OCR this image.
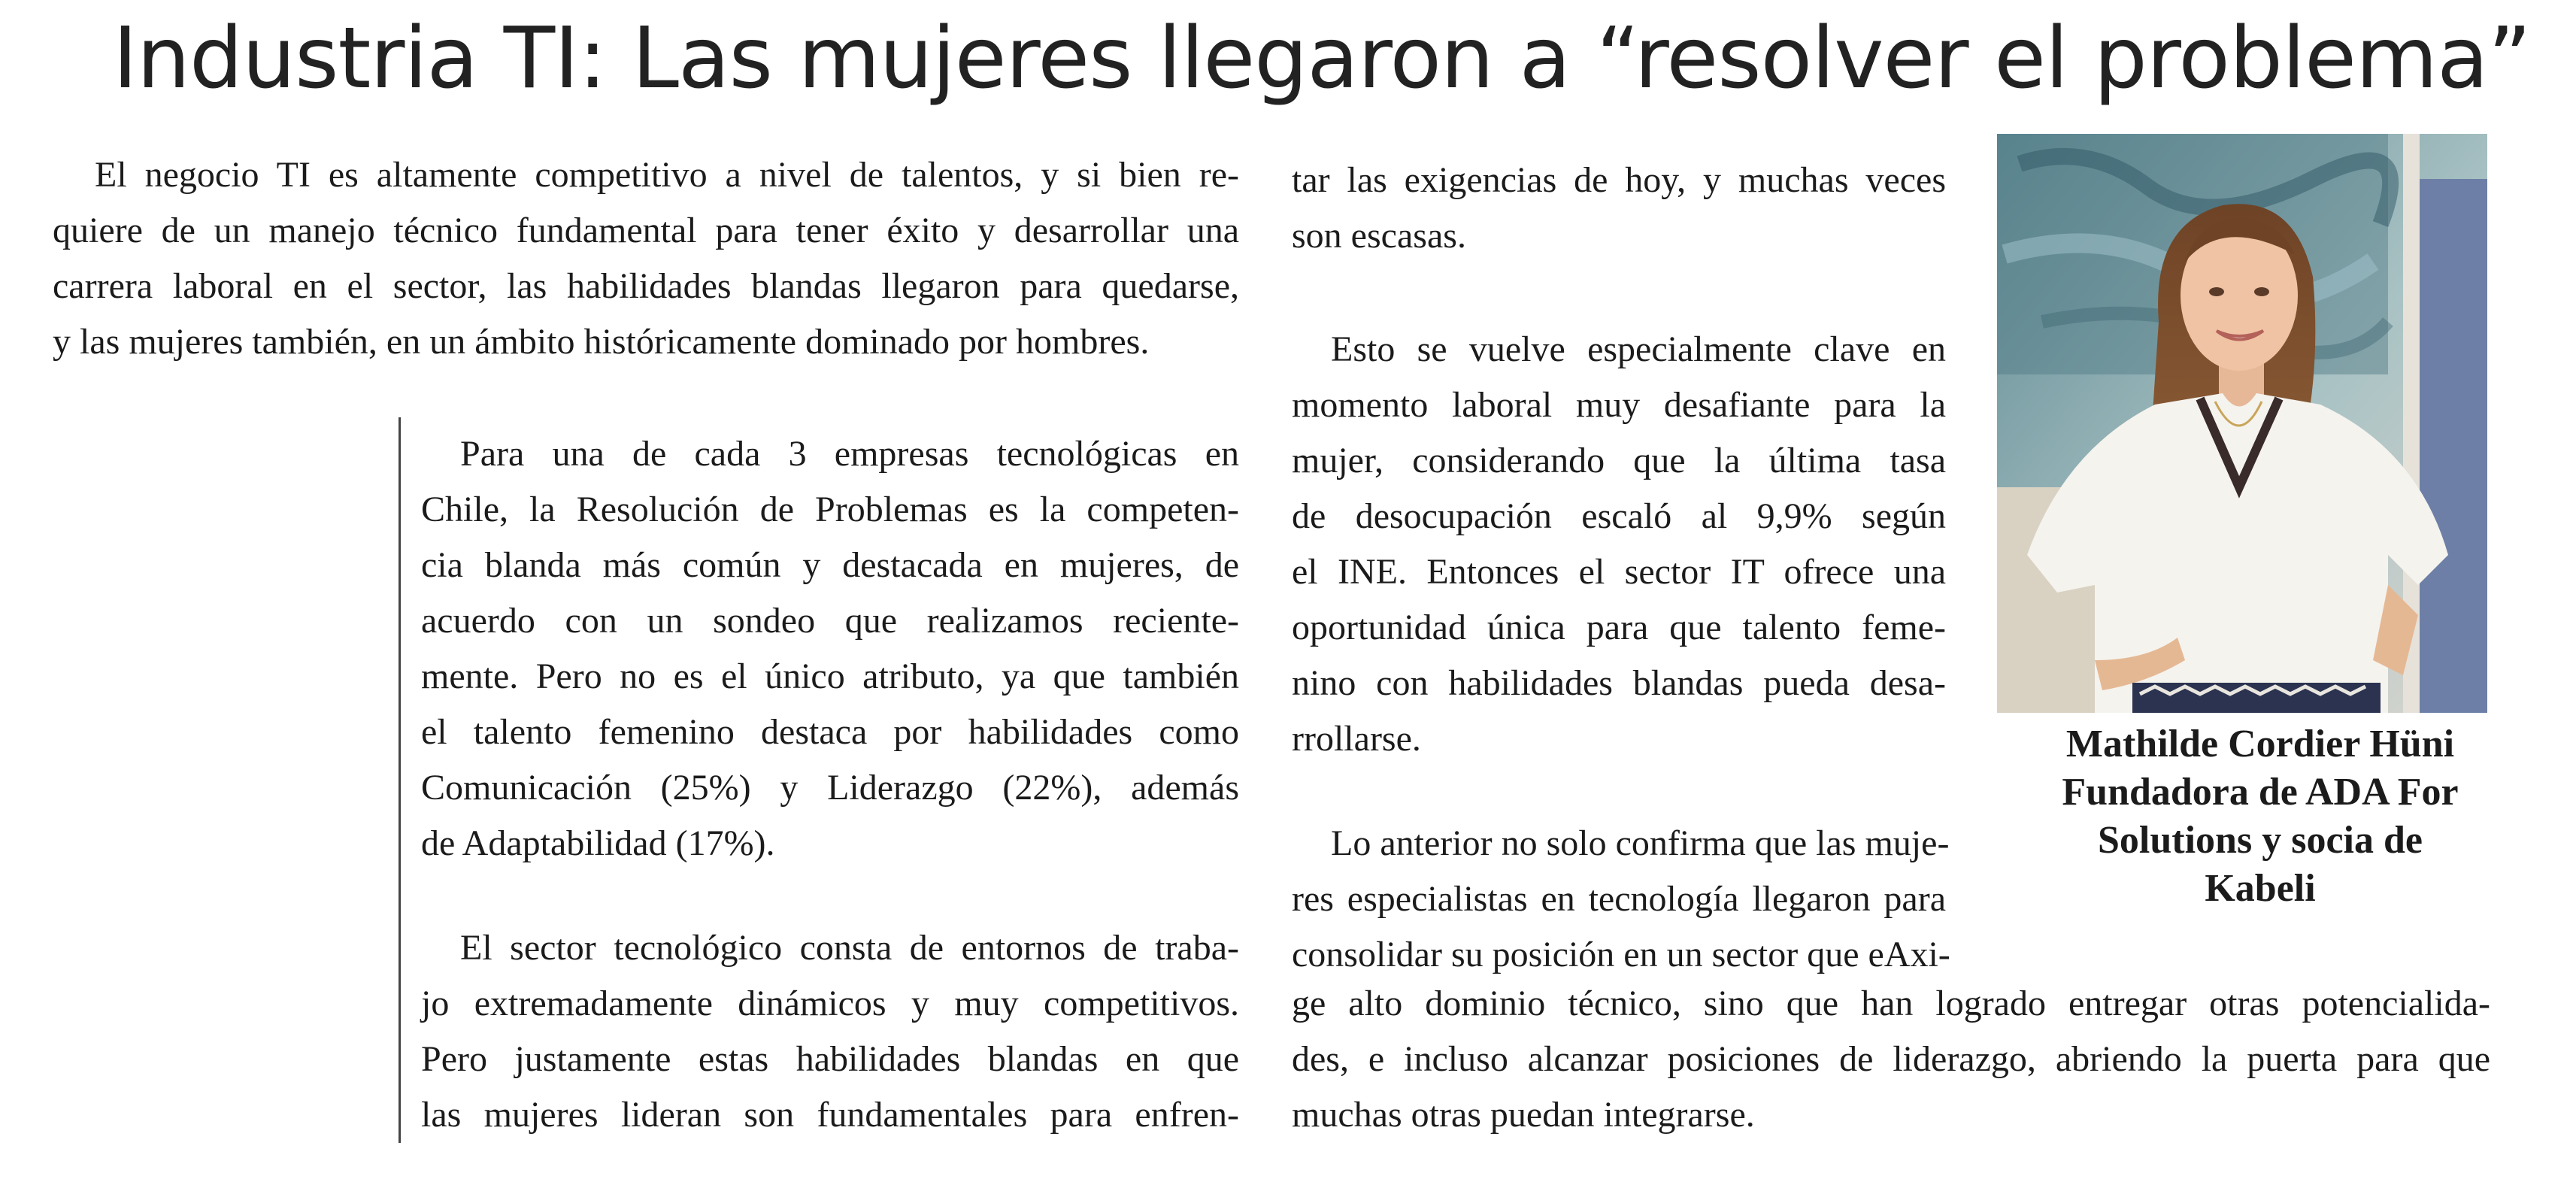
Industria TI: Las mujeres llegaron a “resolver el problema”
El negocio TI es altamente competitivo a nivel de talentos, y si bien re-
quiere de un manejo técnico fundamental para tener éxito y desarrollar una
carrera laboral en el sector, las habilidades blandas llegaron para quedarse,
y las mujeres también, en un ámbito históricamente dominado por hombres.
Para una de cada 3 empresas tecnológicas en
Chile, la Resolución de Problemas es la competen-
cia blanda más común y destacada en mujeres, de
acuerdo con un sondeo que realizamos reciente-
mente. Pero no es el único atributo, ya que también
el talento femenino destaca por habilidades como
Comunicación (25%) y Liderazgo (22%), además
de Adaptabilidad (17%).
El sector tecnológico consta de entornos de traba-
jo extremadamente dinámicos y muy competitivos.
Pero justamente estas habilidades blandas en que
las mujeres lideran son fundamentales para enfren-
tar las exigencias de hoy, y muchas veces
son escasas.
Esto se vuelve especialmente clave en
momento laboral muy desafiante para la
mujer, considerando que la última tasa
de desocupación escaló al 9,9% según
el INE. Entonces el sector IT ofrece una
oportunidad única para que talento feme-
nino con habilidades blandas pueda desa-
rrollarse.
Lo anterior no solo confirma que las muje-
res especialistas en tecnología llegaron para
consolidar su posición en un sector que eAxi-
ge alto dominio técnico, sino que han logrado entregar otras potencialida-
des, e incluso alcanzar posiciones de liderazgo, abriendo la puerta para que
muchas otras puedan integrarse.

Mathilde Cordier Hüni
Fundadora de ADA For
Solutions y socia de
Kabeli
